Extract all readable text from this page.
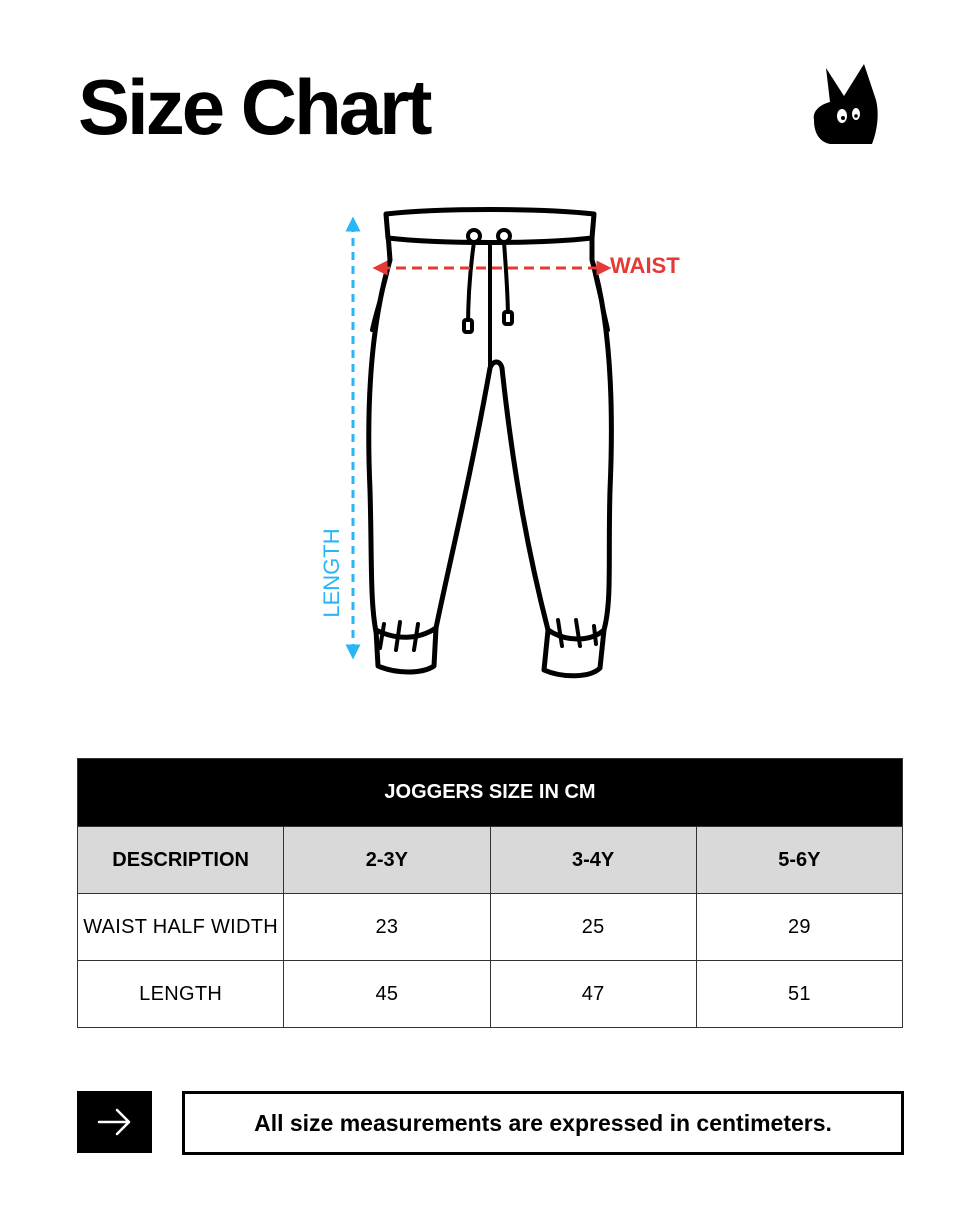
Size Chart
WAIST
LENGTH
JOGGERS SIZE IN CM			
DESCRIPTION	2-3Y	3-4Y	5-6Y
WAIST HALF WIDTH	23	25	29
LENGTH	45	47	51
All size measurements are expressed in centimeters.
